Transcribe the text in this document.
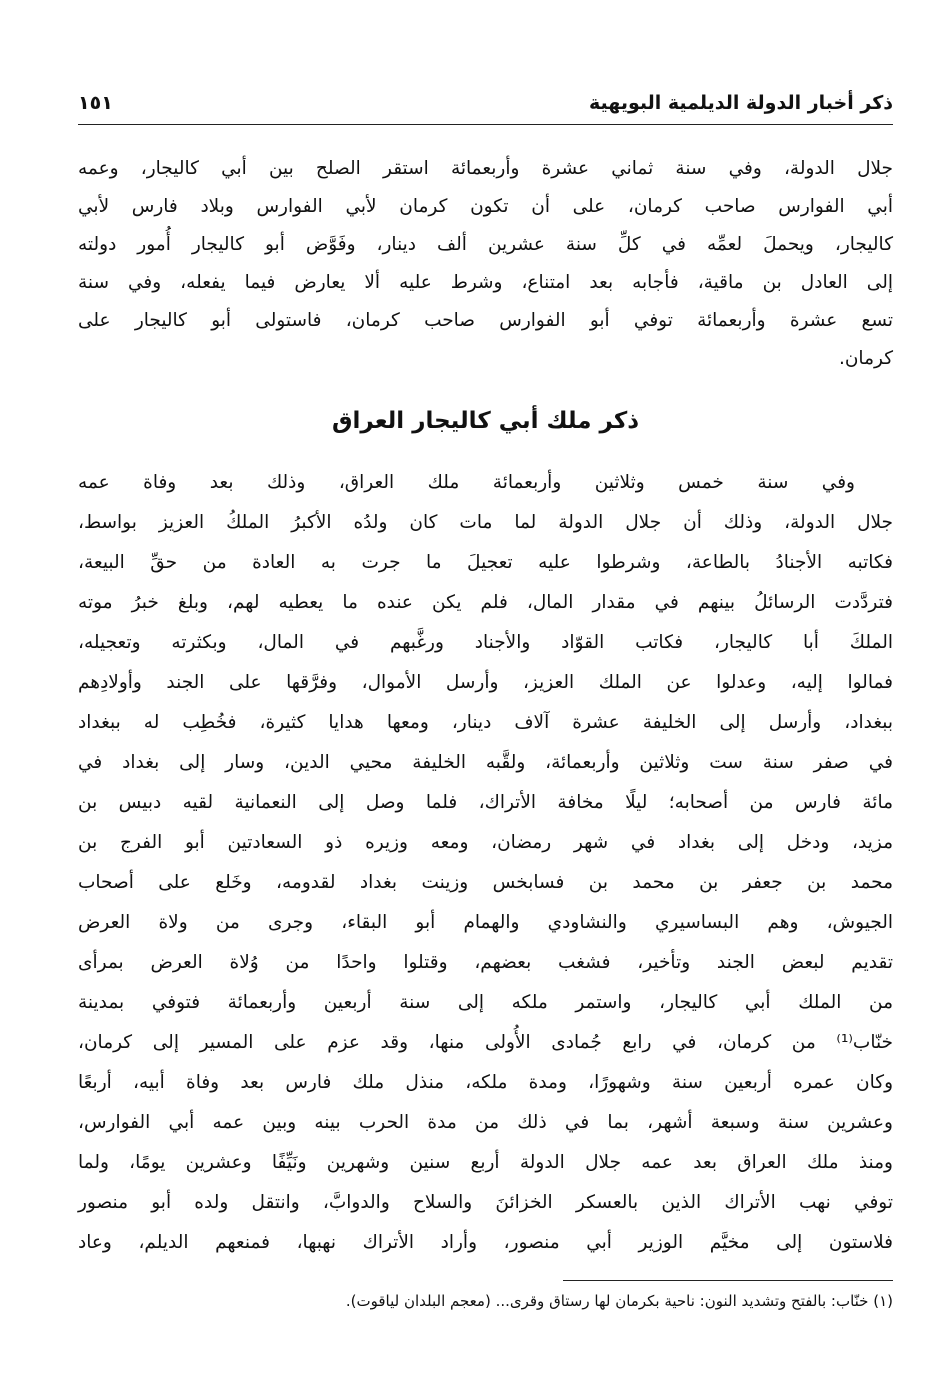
ذكر أخبار الدولة الديلمية البويهية
١٥١
جلال الدولة، وفي سنة ثماني عشرة وأربعمائة استقر الصلح بين أبي كاليجار، وعمه
أبي الفوارس صاحب كرمان، على أن تكون كرمان لأبي الفوارس وبلاد فارس لأبي
كاليجار، ويحملَ لعمِّه في كلِّ سنة عشرين ألف دينار، وفَوَّض أبو كاليجار أُمور دولته
إلى العادل بن ماقية، فأجابه بعد امتناع، وشرط عليه ألا يعارض فيما يفعله، وفي سنة
تسع عشرة وأربعمائة توفي أبو الفوارس صاحب كرمان، فاستولى أبو كاليجار على
كرمان.
ذكر ملك أبي كاليجار العراق
وفي سنة خمس وثلاثين وأربعمائة ملك العراق، وذلك بعد وفاة عمه
جلال الدولة، وذلك أن جلال الدولة لما مات كان ولدُه الأكبرُ الملكُ العزيز بواسط،
فكاتبه الأجنادُ بالطاعة، وشرطوا عليه تعجيلَ ما جرت به العادة من حقِّ البيعة،
فتردَّدت الرسائلُ بينهم في مقدار المال، فلم يكن عنده ما يعطيه لهم، وبلغ خبرُ موته
الملكَ أبا كاليجار، فكاتب القوّاد والأجناد ورغَّبهم في المال، وبكثرته وتعجيله،
فمالوا إليه، وعدلوا عن الملك العزيز، وأرسل الأموال، وفرَّقها على الجند وأولادِهم
ببغداد، وأرسل إلى الخليفة عشرة آلاف دينار، ومعها هدايا كثيرة، فخُطِب له ببغداد
في صفر سنة ست وثلاثين وأربعمائة، ولقَّبه الخليفة محيي الدين، وسار إلى بغداد في
مائة فارس من أصحابه؛ ليلًا مخافة الأتراك، فلما وصل إلى النعمانية لقيه دبيس بن
مزيد، ودخل إلى بغداد في شهر رمضان، ومعه وزيره ذو السعادتين أبو الفرج بن
محمد بن جعفر بن محمد بن فسابخس وزينت بغداد لقدومه، وخَلع على أصحاب
الجيوش، وهم البساسيري والنشاودي والهمام أبو البقاء، وجرى من ولاة العرض
تقديم لبعض الجند وتأخير، فشغب بعضهم، وقتلوا واحدًا من وُلاة العرض بمرأى
من الملك أبي كاليجار، واستمر ملكه إلى سنة أربعين وأربعمائة فتوفي بمدينة
خنّاب⁽¹⁾ من كرمان، في رابع جُمادى الأُولى منها، وقد عزم على المسير إلى كرمان،
وكان عمره أربعين سنة وشهورًا، ومدة ملكه، منذل ملك فارس بعد وفاة أبيه، أربعًا
وعشرين سنة وسبعة أشهر، بما في ذلك من مدة الحرب بينه وبين عمه أبي الفوارس،
ومنذ ملك العراق بعد عمه جلال الدولة أربع سنين وشهرين ونَيِّفًا وعشرين يومًا، ولما
توفي نهب الأتراك الذين بالعسكر الخزائنَ والسلاح والدوابَّ، وانتقل ولده أبو منصور
فلاستون إلى مخيَّم الوزير أبي منصور، وأراد الأتراك نهبها، فمنعهم الديلم، وعاد
(١) خنّاب: بالفتح وتشديد النون: ناحية بكرمان لها رستاق وقرى... (معجم البلدان لياقوت).
